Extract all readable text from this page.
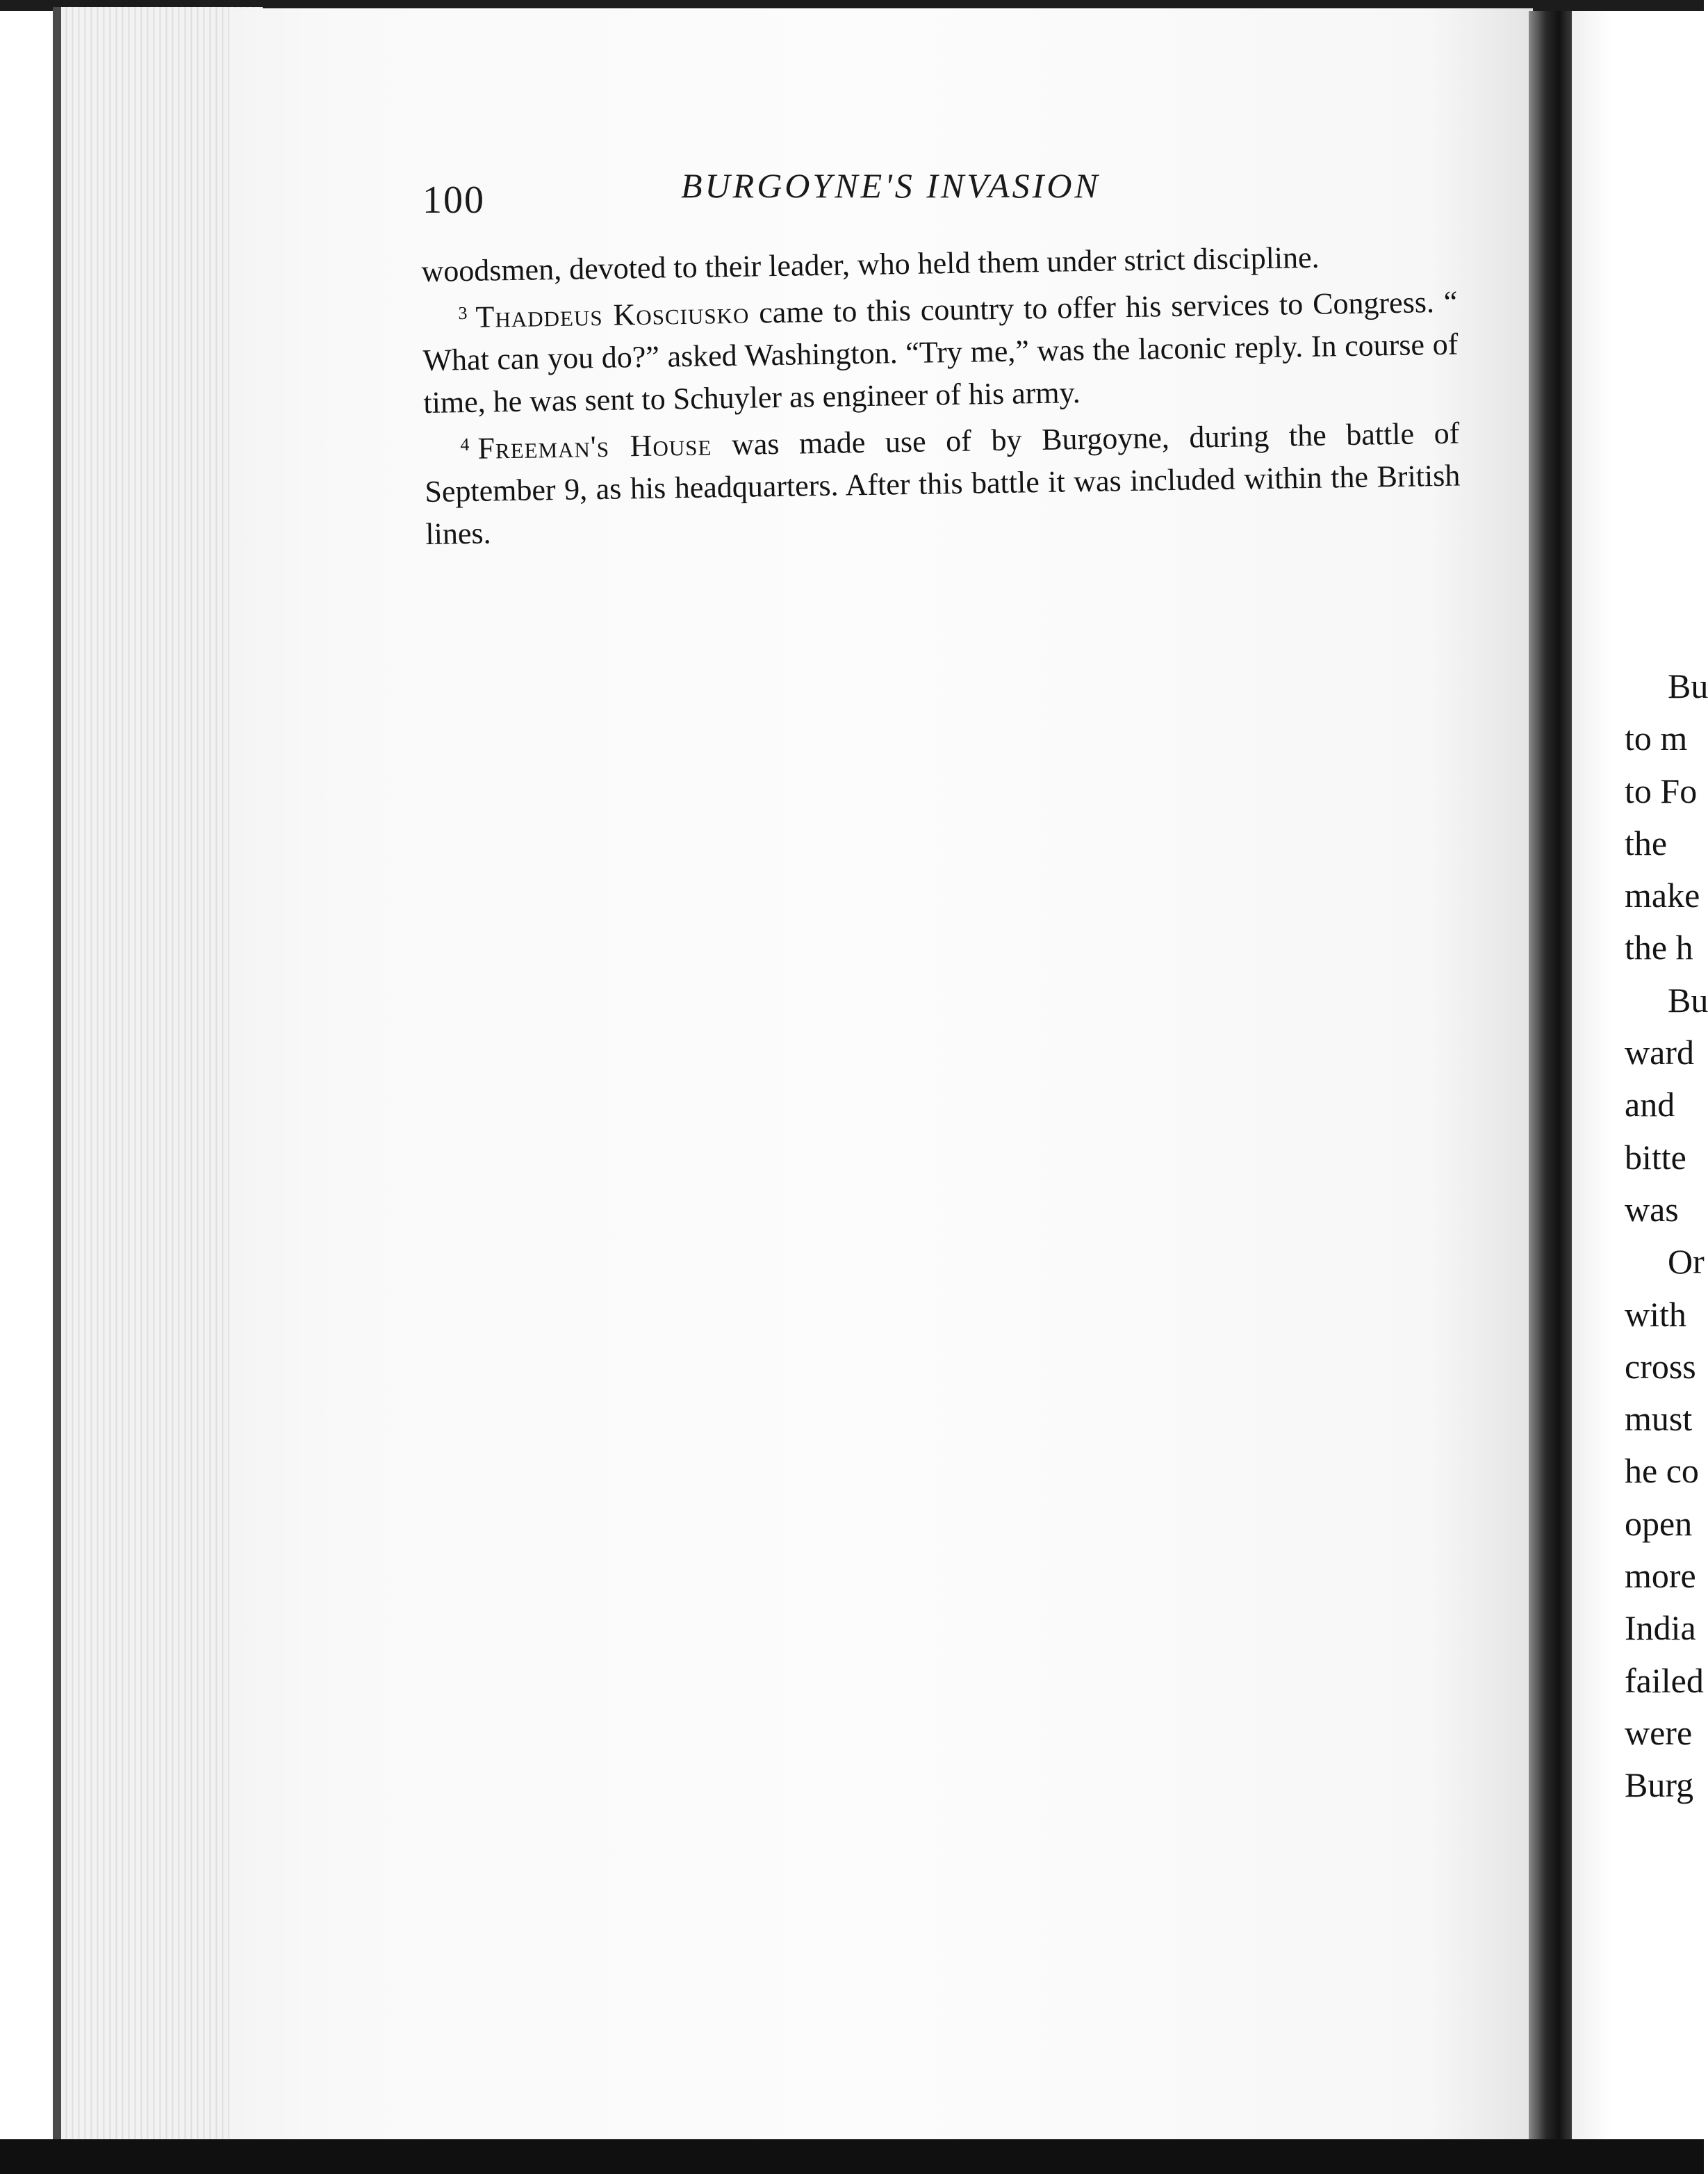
100	BURGOYNE'S INVASION

woodsmen, devoted to their leader, who held them under strict discipline.

$^3$ Thaddeus Kosciusko came to this country to offer his services to Congress. “ What can you do?” asked Washington. “Try me,” was the laconic reply. In course of time, he was sent to Schuyler as engineer of his army.

$^4$ Freeman's House was made use of by Burgoyne, during the battle of September 9, as his headquarters. After this battle it was included within the British lines.

Bu
to m
to Fo
the
make
the h
Bu
ward
and
bitte
was
Or
with
cross
must
he co
open
more
India
failed
were
Burg
